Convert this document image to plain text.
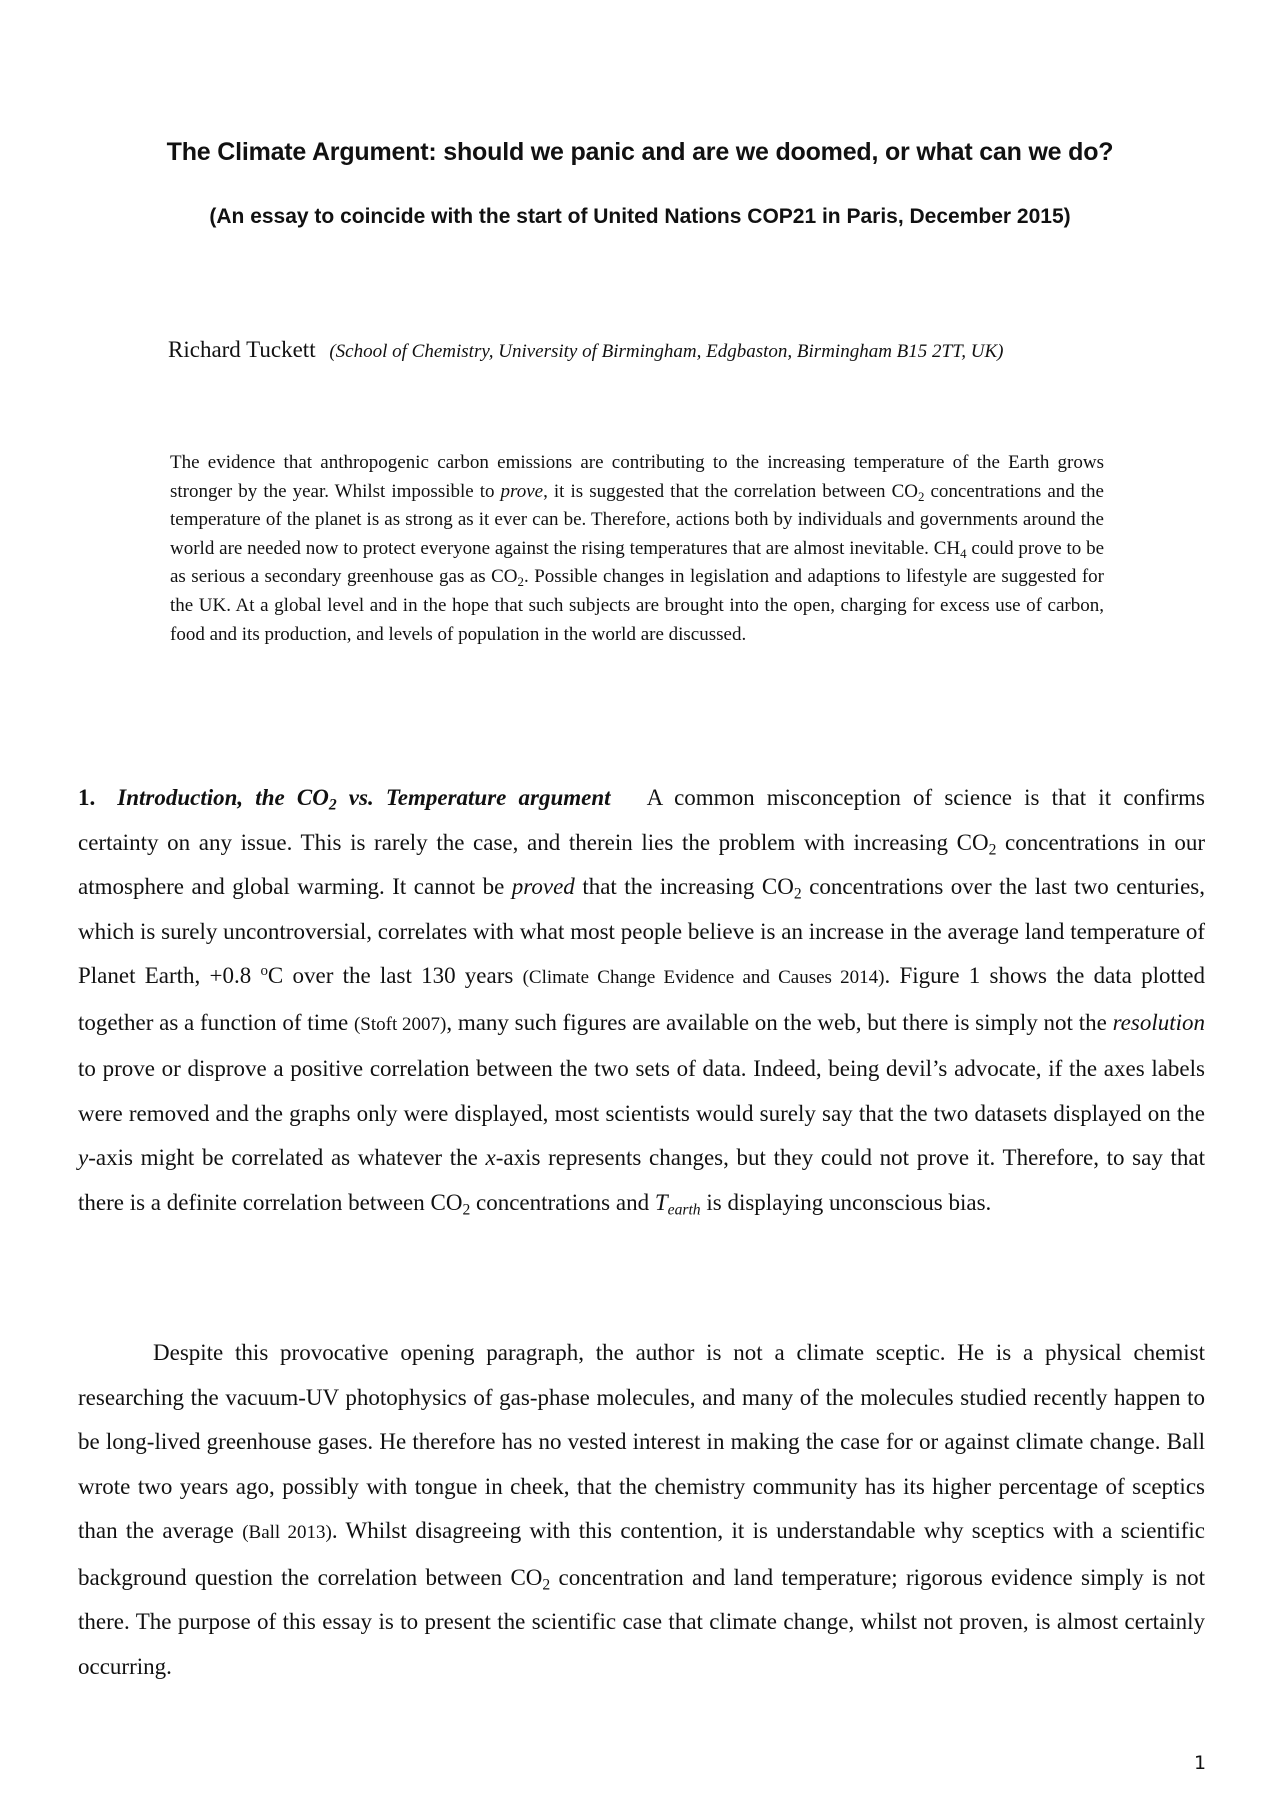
The Climate Argument: should we panic and are we doomed, or what can we do?
(An essay to coincide with the start of United Nations COP21 in Paris, December 2015)
Richard Tuckett (School of Chemistry, University of Birmingham, Edgbaston, Birmingham B15 2TT, UK)
The evidence that anthropogenic carbon emissions are contributing to the increasing temperature of the Earth grows stronger by the year. Whilst impossible to prove, it is suggested that the correlation between $CO_2$ concentrations and the temperature of the planet is as strong as it ever can be. Therefore, actions both by individuals and governments around the world are needed now to protect everyone against the rising temperatures that are almost inevitable. $CH_4$ could prove to be as serious a secondary greenhouse gas as $CO_2$. Possible changes in legislation and adaptions to lifestyle are suggested for the UK. At a global level and in the hope that such subjects are brought into the open, charging for excess use of carbon, food and its production, and levels of population in the world are discussed.
1. Introduction, the $CO_2$ vs. Temperature argument A common misconception of science is that it confirms certainty on any issue. This is rarely the case, and therein lies the problem with increasing $CO_2$ concentrations in our atmosphere and global warming. It cannot be proved that the increasing $CO_2$ concentrations over the last two centuries, which is surely uncontroversial, correlates with what most people believe is an increase in the average land temperature of Planet Earth, +0.8 $^o$C over the last 130 years (Climate Change Evidence and Causes 2014). Figure 1 shows the data plotted together as a function of time (Stoft 2007), many such figures are available on the web, but there is simply not the resolution to prove or disprove a positive correlation between the two sets of data. Indeed, being devil’s advocate, if the axes labels were removed and the graphs only were displayed, most scientists would surely say that the two datasets displayed on the y-axis might be correlated as whatever the x-axis represents changes, but they could not prove it. Therefore, to say that there is a definite correlation between $CO_2$ concentrations and $T_{earth}$ is displaying unconscious bias.
Despite this provocative opening paragraph, the author is not a climate sceptic. He is a physical chemist researching the vacuum-UV photophysics of gas-phase molecules, and many of the molecules studied recently happen to be long-lived greenhouse gases. He therefore has no vested interest in making the case for or against climate change. Ball wrote two years ago, possibly with tongue in cheek, that the chemistry community has its higher percentage of sceptics than the average (Ball 2013). Whilst disagreeing with this contention, it is understandable why sceptics with a scientific background question the correlation between $CO_2$ concentration and land temperature; rigorous evidence simply is not there. The purpose of this essay is to present the scientific case that climate change, whilst not proven, is almost certainly occurring.
1
